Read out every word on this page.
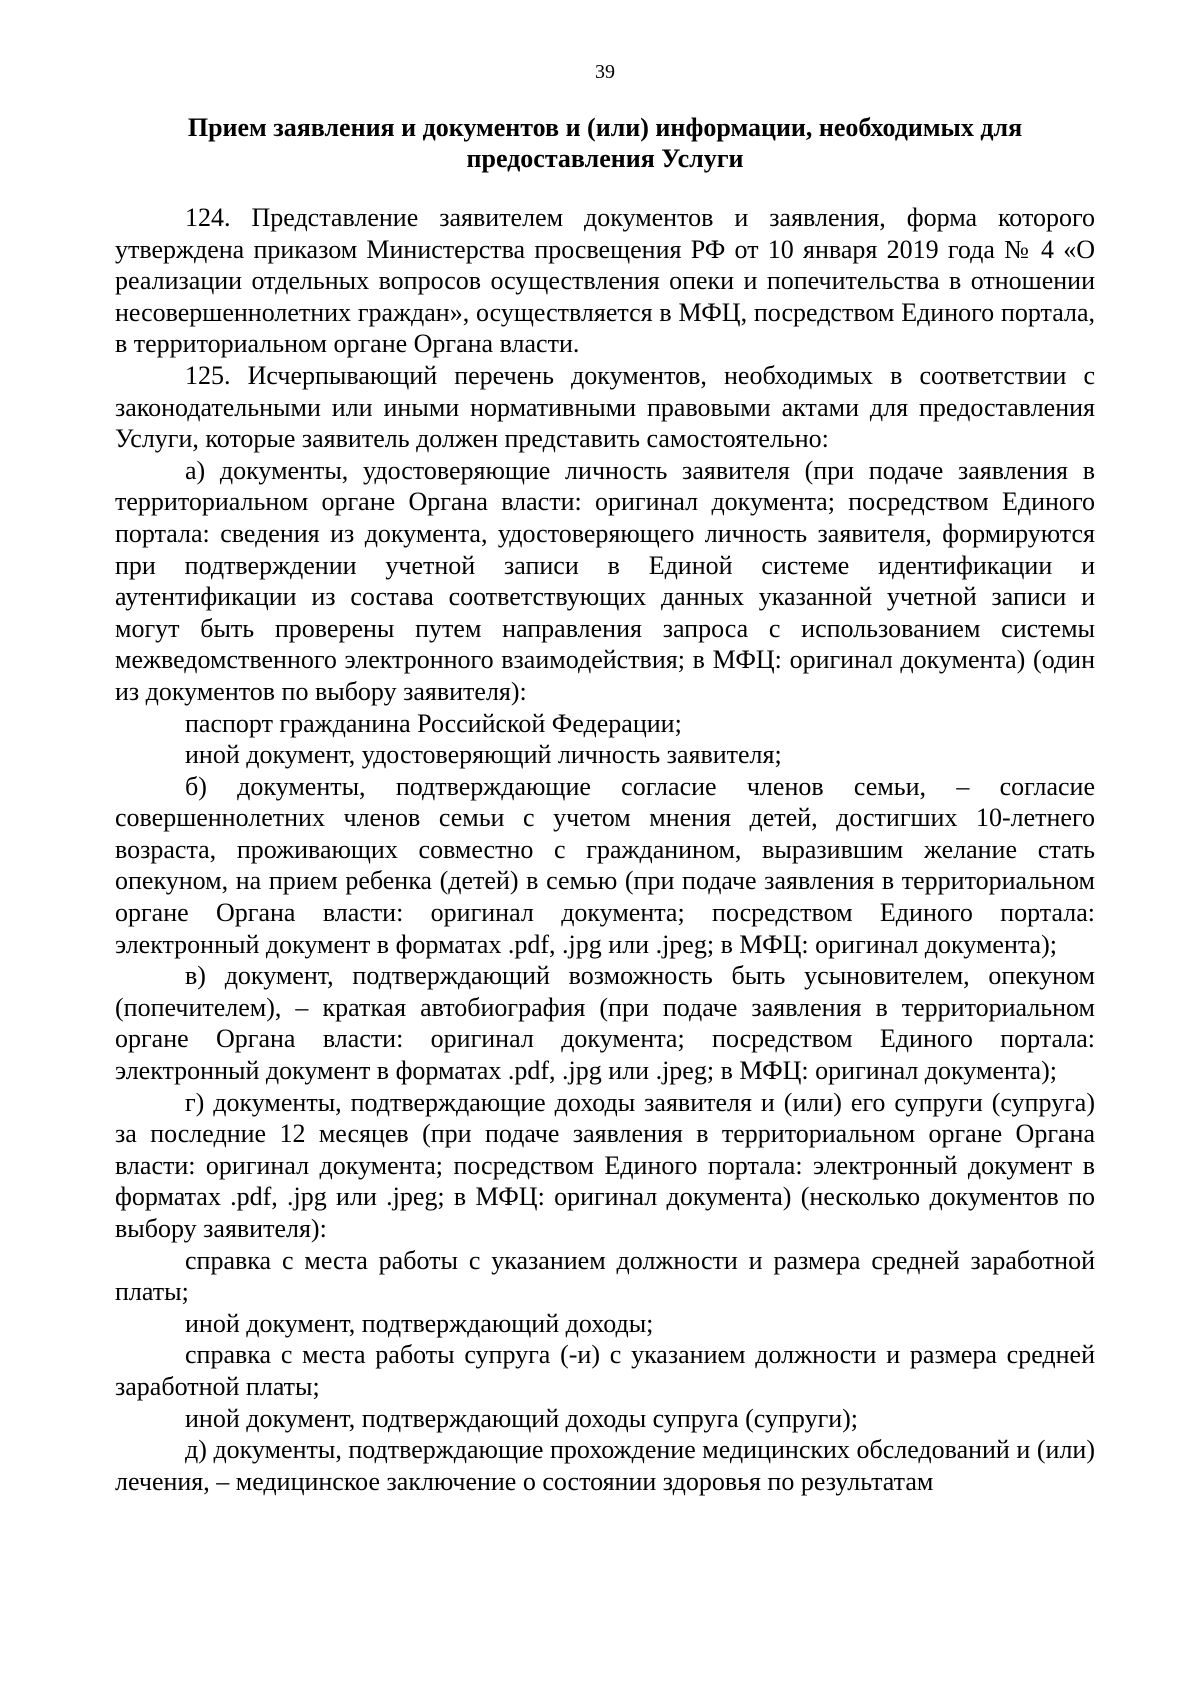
39
Прием заявления и документов и (или) информации, необходимых для предоставления Услуги

124. Представление заявителем документов и заявления, форма которого утверждена приказом Министерства просвещения РФ от 10 января 2019 года № 4 «О реализации отдельных вопросов осуществления опеки и попечительства в отношении несовершеннолетних граждан», осуществляется в МФЦ, посредством Единого портала, в территориальном органе Органа власти.

125. Исчерпывающий перечень документов, необходимых в соответствии с законодательными или иными нормативными правовыми актами для предоставления Услуги, которые заявитель должен представить самостоятельно:

а) документы, удостоверяющие личность заявителя (при подаче заявления в территориальном органе Органа власти: оригинал документа; посредством Единого портала: сведения из документа, удостоверяющего личность заявителя, формируются при подтверждении учетной записи в Единой системе идентификации и аутентификации из состава соответствующих данных указанной учетной записи и могут быть проверены путем направления запроса с использованием системы межведомственного электронного взаимодействия; в МФЦ: оригинал документа) (один из документов по выбору заявителя):

паспорт гражданина Российской Федерации;

иной документ, удостоверяющий личность заявителя;

б) документы, подтверждающие согласие членов семьи, – согласие совершеннолетних членов семьи с учетом мнения детей, достигших 10-летнего возраста, проживающих совместно с гражданином, выразившим желание стать опекуном, на прием ребенка (детей) в семью (при подаче заявления в территориальном органе Органа власти: оригинал документа; посредством Единого портала: электронный документ в форматах .pdf, .jpg или .jpeg; в МФЦ: оригинал документа);

в) документ, подтверждающий возможность быть усыновителем, опекуном (попечителем), – краткая автобиография (при подаче заявления в территориальном органе Органа власти: оригинал документа; посредством Единого портала: электронный документ в форматах .pdf, .jpg или .jpeg; в МФЦ: оригинал документа);

г) документы, подтверждающие доходы заявителя и (или) его супруги (супруга) за последние 12 месяцев (при подаче заявления в территориальном органе Органа власти: оригинал документа; посредством Единого портала: электронный документ в форматах .pdf, .jpg или .jpeg; в МФЦ: оригинал документа) (несколько документов по выбору заявителя):

справка с места работы с указанием должности и размера средней заработной платы;

иной документ, подтверждающий доходы;

справка с места работы супруга (-и) с указанием должности и размера средней заработной платы;

иной документ, подтверждающий доходы супруга (супруги);

д) документы, подтверждающие прохождение медицинских обследований и (или) лечения, – медицинское заключение о состоянии здоровья по результатам
